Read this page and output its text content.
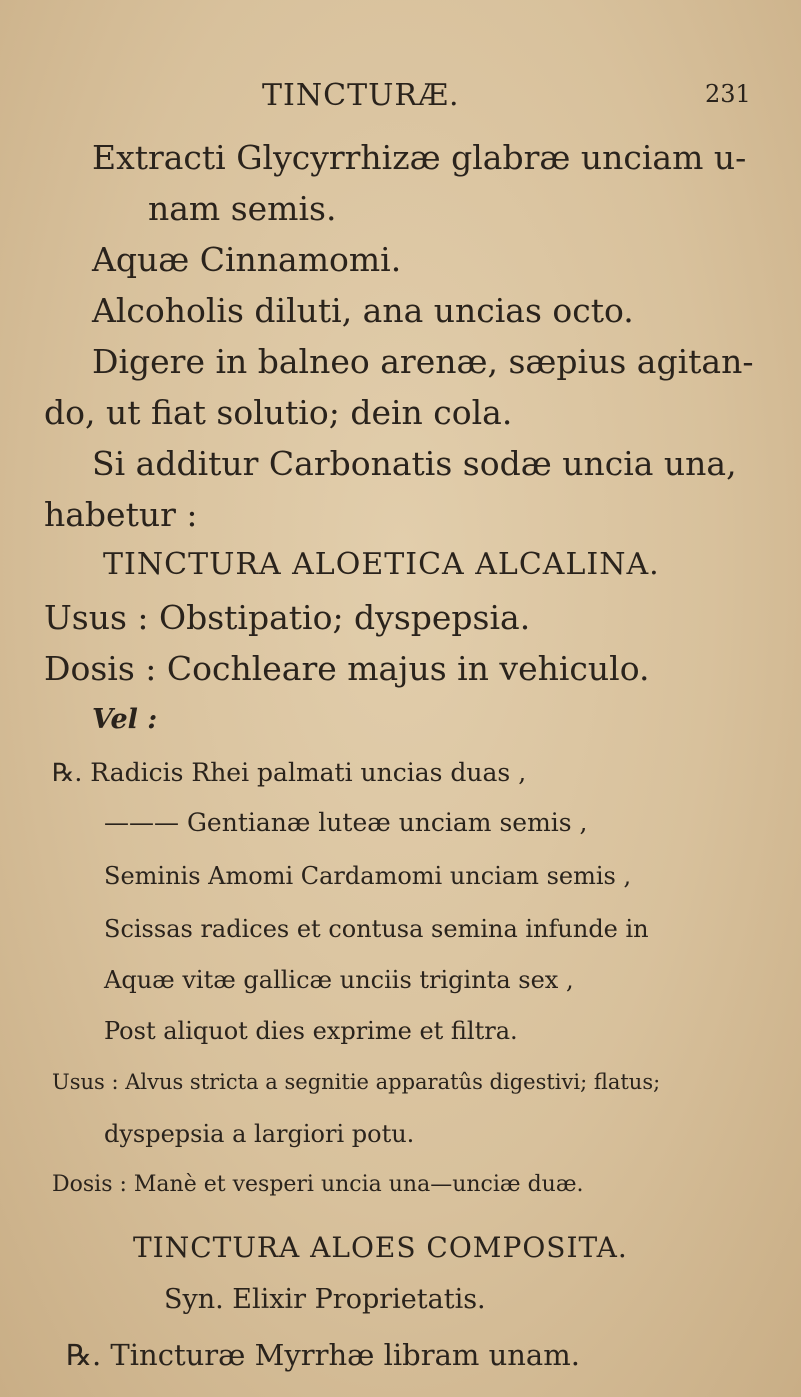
TINCTURÆ.	231
Extracti Glycyrrhizæ glabræ unciam u-
nam semis.
Aquæ Cinnamomi.
Alcoholis diluti, ana uncias octo.
Digere in balneo arenæ, sæpius agitan-
do, ut fiat solutio; dein cola.
Si additur Carbonatis sodæ uncia una,
habetur :
TINCTURA ALOETICA ALCALINA.
Usus : Obstipatio; dyspepsia.
Dosis : Cochleare majus in vehiculo.
Vel :
℞. Radicis Rhei palmati uncias duas ,
——— Gentianæ luteæ unciam semis ,
Seminis Amomi Cardamomi unciam semis ,
Scissas radices et contusa semina infunde in
Aquæ vitæ gallicæ unciis triginta sex ,
Post aliquot dies exprime et filtra.
Usus : Alvus stricta a segnitie apparatûs digestivi; flatus;
dyspepsia a largiori potu.
Dosis : Manè et vesperi uncia una—unciæ duæ.
TINCTURA ALOES COMPOSITA.
Syn. Elixir Proprietatis.
℞. Tincturæ Myrrhæ libram unam.
